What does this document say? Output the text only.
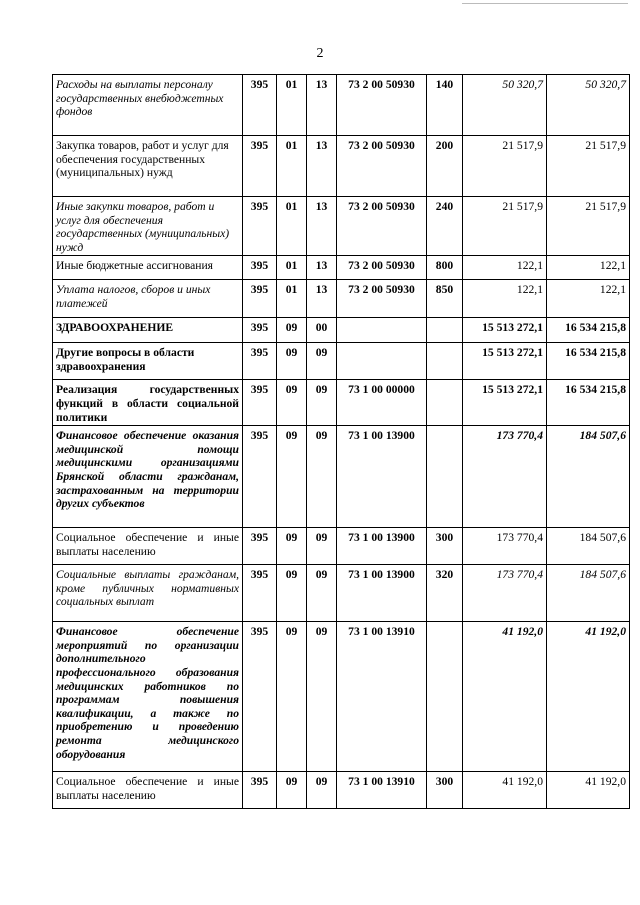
2
Расходы на выплаты персоналу государственных внебюджетных фондов	395	01	13	73 2 00 50930	140	50 320,7	50 320,7
Закупка товаров, работ и услуг для обеспечения государственных (муниципальных) нужд	395	01	13	73 2 00 50930	200	21 517,9	21 517,9
Иные закупки товаров, работ и услуг для обеспечения государственных (муниципальных) нужд	395	01	13	73 2 00 50930	240	21 517,9	21 517,9
Иные бюджетные ассигнования	395	01	13	73 2 00 50930	800	122,1	122,1
Уплата налогов, сборов и иных платежей	395	01	13	73 2 00 50930	850	122,1	122,1
ЗДРАВООХРАНЕНИЕ	395	09	00			15 513 272,1	16 534 215,8
Другие вопросы в области здравоохранения	395	09	09			15 513 272,1	16 534 215,8
Реализация государственных функций в области социальной политики	395	09	09	73 1 00 00000		15 513 272,1	16 534 215,8
Финансовое обеспечение оказания медицинской помощи медицинскими организациями Брянской области гражданам, застрахованным на территории других субъектов	395	09	09	73 1 00 13900		173 770,4	184 507,6
Социальное обеспечение и иные выплаты населению	395	09	09	73 1 00 13900	300	173 770,4	184 507,6
Социальные выплаты гражданам, кроме публичных нормативных социальных выплат	395	09	09	73 1 00 13900	320	173 770,4	184 507,6
Финансовое обеспечение мероприятий по организации дополнительного профессионального образования медицинских работников по программам повышения квалификации, а также по приобретению и проведению ремонта медицинского оборудования	395	09	09	73 1 00 13910		41 192,0	41 192,0
Социальное обеспечение и иные выплаты населению	395	09	09	73 1 00 13910	300	41 192,0	41 192,0
